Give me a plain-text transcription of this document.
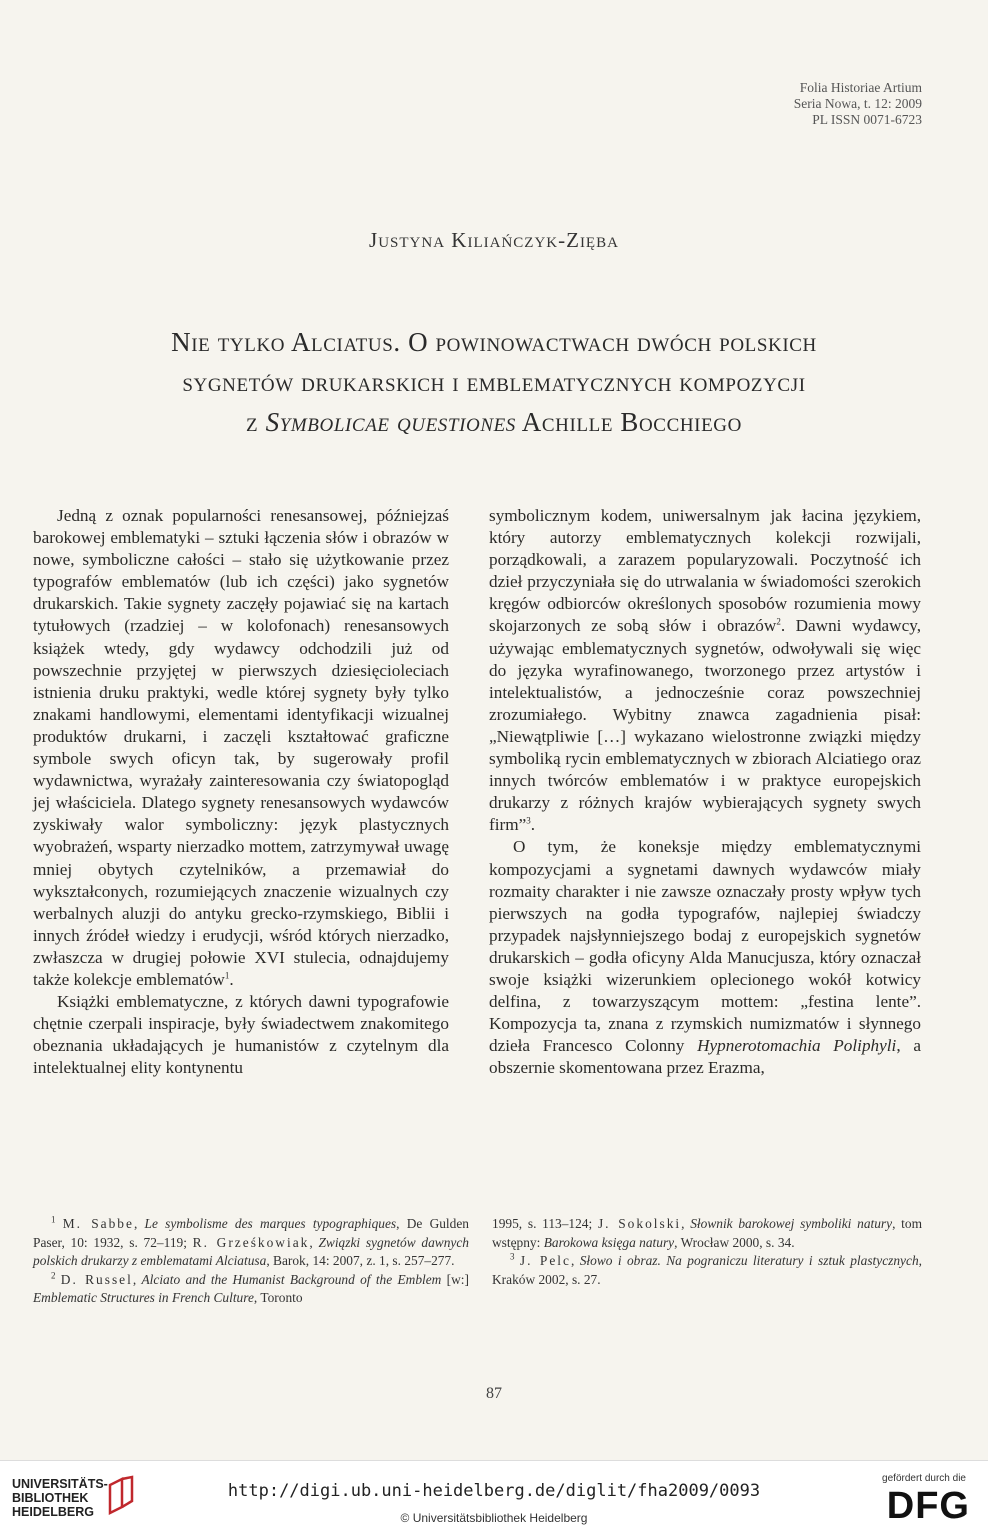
Folia Historiae Artium
Seria Nowa, t. 12: 2009
PL ISSN 0071-6723
Justyna Kiliańczyk-Zięba
Nie tylko Alciatus. O powinowactwach dwóch polskich
sygnetów drukarskich i emblematycznych kompozycji
z Symbolicae questiones Achille Bocchiego

Jedną z oznak popularności renesansowej, późniejzaś barokowej emblematyki – sztuki łączenia słów i obrazów w nowe, symboliczne całości – stało się użytkowanie przez typografów emblematów (lub ich części) jako sygnetów drukarskich. Takie sygnety zaczęły pojawiać się na kartach tytułowych (rzadziej – w kolofonach) renesansowych książek wtedy, gdy wydawcy odchodzili już od powszechnie przyjętej w pierwszych dziesięcioleciach istnienia druku praktyki, wedle której sygnety były tylko znakami handlowymi, elementami identyfikacji wizualnej produktów drukarni, i zaczęli kształtować graficzne symbole swych oficyn tak, by sugerowały profil wydawnictwa, wyrażały zainteresowania czy światopogląd jej właściciela. Dlatego sygnety renesansowych wydawców zyskiwały walor symboliczny: język plastycznych wyobrażeń, wsparty nierzadko mottem, zatrzymywał uwagę mniej obytych czytelników, a przemawiał do wykształconych, rozumiejących znaczenie wizualnych czy werbalnych aluzji do antyku grecko-rzymskiego, Biblii i innych źródeł wiedzy i erudycji, wśród których nierzadko, zwłaszcza w drugiej połowie XVI stulecia, odnajdujemy także kolekcje emblematów$^1$.

Książki emblematyczne, z których dawni typografowie chętnie czerpali inspiracje, były świadectwem znakomitego obeznania układających je humanistów z czytelnym dla intelektualnej elity kontynentu

symbolicznym kodem, uniwersalnym jak łacina językiem, który autorzy emblematycznych kolekcji rozwijali, porządkowali, a zarazem popularyzowali. Poczytność ich dzieł przyczyniała się do utrwalania w świadomości szerokich kręgów odbiorców określonych sposobów rozumienia mowy skojarzonych ze sobą słów i obrazów$^2$. Dawni wydawcy, używając emblematycznych sygnetów, odwoływali się więc do języka wyrafinowanego, tworzonego przez artystów i intelektualistów, a jednocześnie coraz powszechniej zrozumiałego. Wybitny znawca zagadnienia pisał: „Niewątpliwie […] wykazano wielostronne związki między symboliką rycin emblematycznych w zbiorach Alciatiego oraz innych twórców emblematów i w praktyce europejskich drukarzy z różnych krajów wybierających sygnety swych firm”$^3$.

O tym, że koneksje między emblematycznymi kompozycjami a sygnetami dawnych wydawców miały rozmaity charakter i nie zawsze oznaczały prosty wpływ tych pierwszych na godła typografów, najlepiej świadczy przypadek najsłynniejszego bodaj z europejskich sygnetów drukarskich – godła oficyny Alda Manucjusza, który oznaczał swoje książki wizerunkiem oplecionego wokół kotwicy delfina, z towarzyszącym mottem: „festina lente”. Kompozycja ta, znana z rzymskich numizmatów i słynnego dzieła Francesco Colonny Hypnerotomachia Poliphyli, a obszernie skomentowana przez Erazma,

$^1$ M. Sabbe, Le symbolisme des marques typographiques, De Gulden Paser, 10: 1932, s. 72–119; R. Grześkowiak, Związki sygnetów dawnych polskich drukarzy z emblematami Alciatusa, Barok, 14: 2007, z. 1, s. 257–277.

$^2$ D. Russel, Alciato and the Humanist Background of the Emblem [w:] Emblematic Structures in French Culture, Toronto

1995, s. 113–124; J. Sokolski, Słownik barokowej symboliki natury, tom wstępny: Barokowa księga natury, Wrocław 2000, s. 34.

$^3$ J. Pelc, Słowo i obraz. Na pograniczu literatury i sztuk plastycznych, Kraków 2002, s. 27.

87
UNIVERSITÄTS-
BIBLIOTHEK
HEIDELBERG
http://digi.ub.uni-heidelberg.de/diglit/fha2009/0093
© Universitätsbibliothek Heidelberg
gefördert durch die
DFG
